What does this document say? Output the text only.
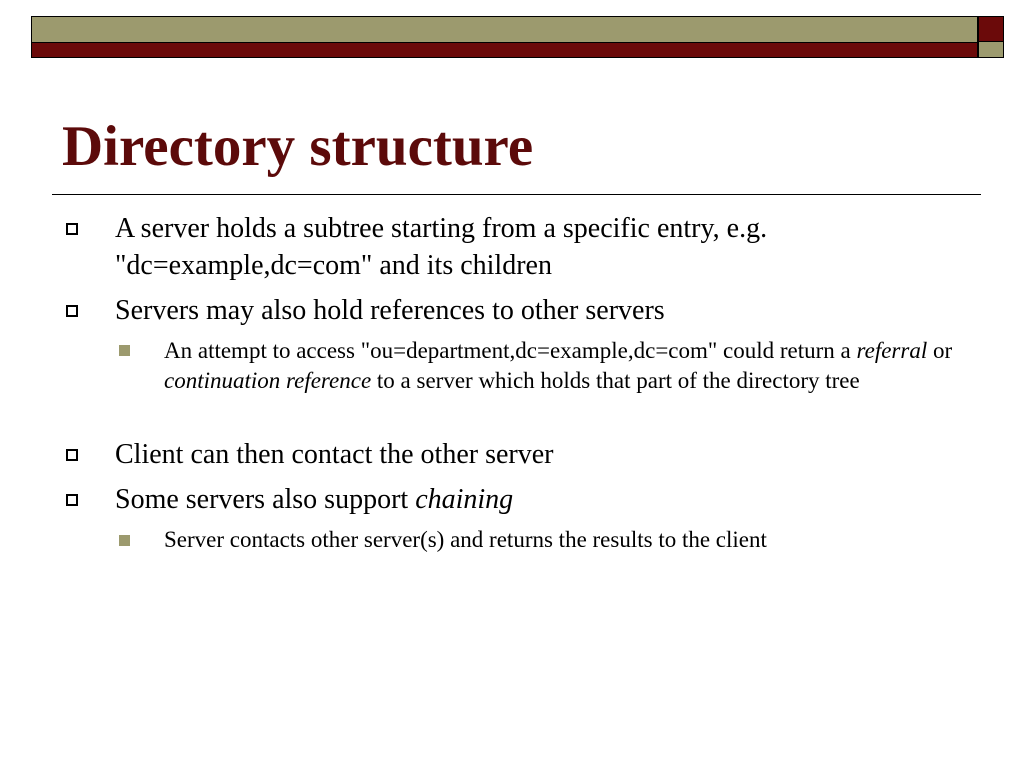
Directory structure
A server holds a subtree starting from a specific entry, e.g. "dc=example,dc=com" and its children
Servers may also hold references to other servers
An attempt to access "ou=department,dc=example,dc=com" could return a referral or continuation reference to a server which holds that part of the directory tree
Client can then contact the other server
Some servers also support chaining
Server contacts other server(s) and returns the results to the client
